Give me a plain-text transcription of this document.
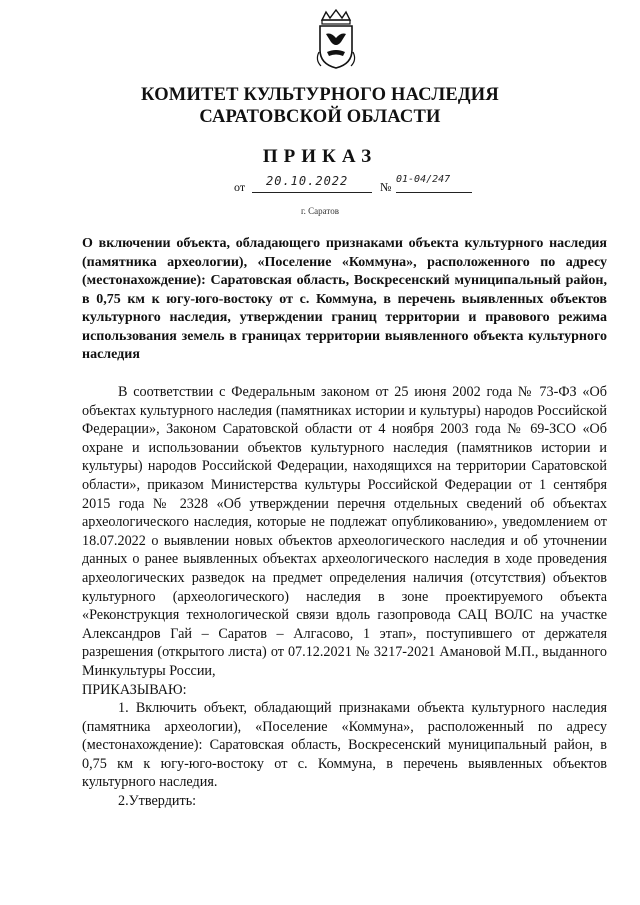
КОМИТЕТ КУЛЬТУРНОГО НАСЛЕДИЯ
САРАТОВСКОЙ ОБЛАСТИ
ПРИКАЗ
от 20.10.2022	№
01-04/247
г. Саратов
О включении объекта, обладающего признаками объекта культурного наследия (памятника археологии), «Поселение «Коммуна», расположенного по адресу (местонахождение): Саратовская область, Воскресенский муниципальный район, в 0,75 км к югу-юго-востоку от с. Коммуна, в перечень выявленных объектов культурного наследия, утверждении границ территории и правового режима использования земель в границах территории выявленного объекта культурного наследия

В соответствии с Федеральным законом от 25 июня 2002 года № 73-ФЗ «Об объектах культурного наследия (памятниках истории и культуры) народов Российской Федерации», Законом Саратовской области от 4 ноября 2003 года № 69-ЗСО «Об охране и использовании объектов культурного наследия (памятников истории и культуры) народов Российской Федерации, находящихся на территории Саратовской области», приказом Министерства культуры Российской Федерации от 1 сентября 2015 года № 2328 «Об утверждении перечня отдельных сведений об объектах археологического наследия, которые не подлежат опубликованию», уведомлением от 18.07.2022 о выявлении новых объектов археологического наследия и об уточнении данных о ранее выявленных объектах археологического наследия в ходе проведения археологических разведок на предмет определения наличия (отсутствия) объектов культурного (археологического) наследия в зоне проектируемого объекта «Реконструкция технологической связи вдоль газопровода САЦ ВОЛС на участке Александров Гай – Саратов – Алгасово, 1 этап», поступившего от держателя разрешения (открытого листа) от 07.12.2021 № 3217-2021 Амановой М.П., выданного Минкультуры России,

ПРИКАЗЫВАЮ:

1. Включить объект, обладающий признаками объекта культурного наследия (памятника археологии), «Поселение «Коммуна», расположенный по адресу (местонахождение): Саратовская область, Воскресенский муниципальный район, в 0,75 км к югу-юго-востоку от с. Коммуна, в перечень выявленных объектов культурного наследия.

2.Утвердить:
